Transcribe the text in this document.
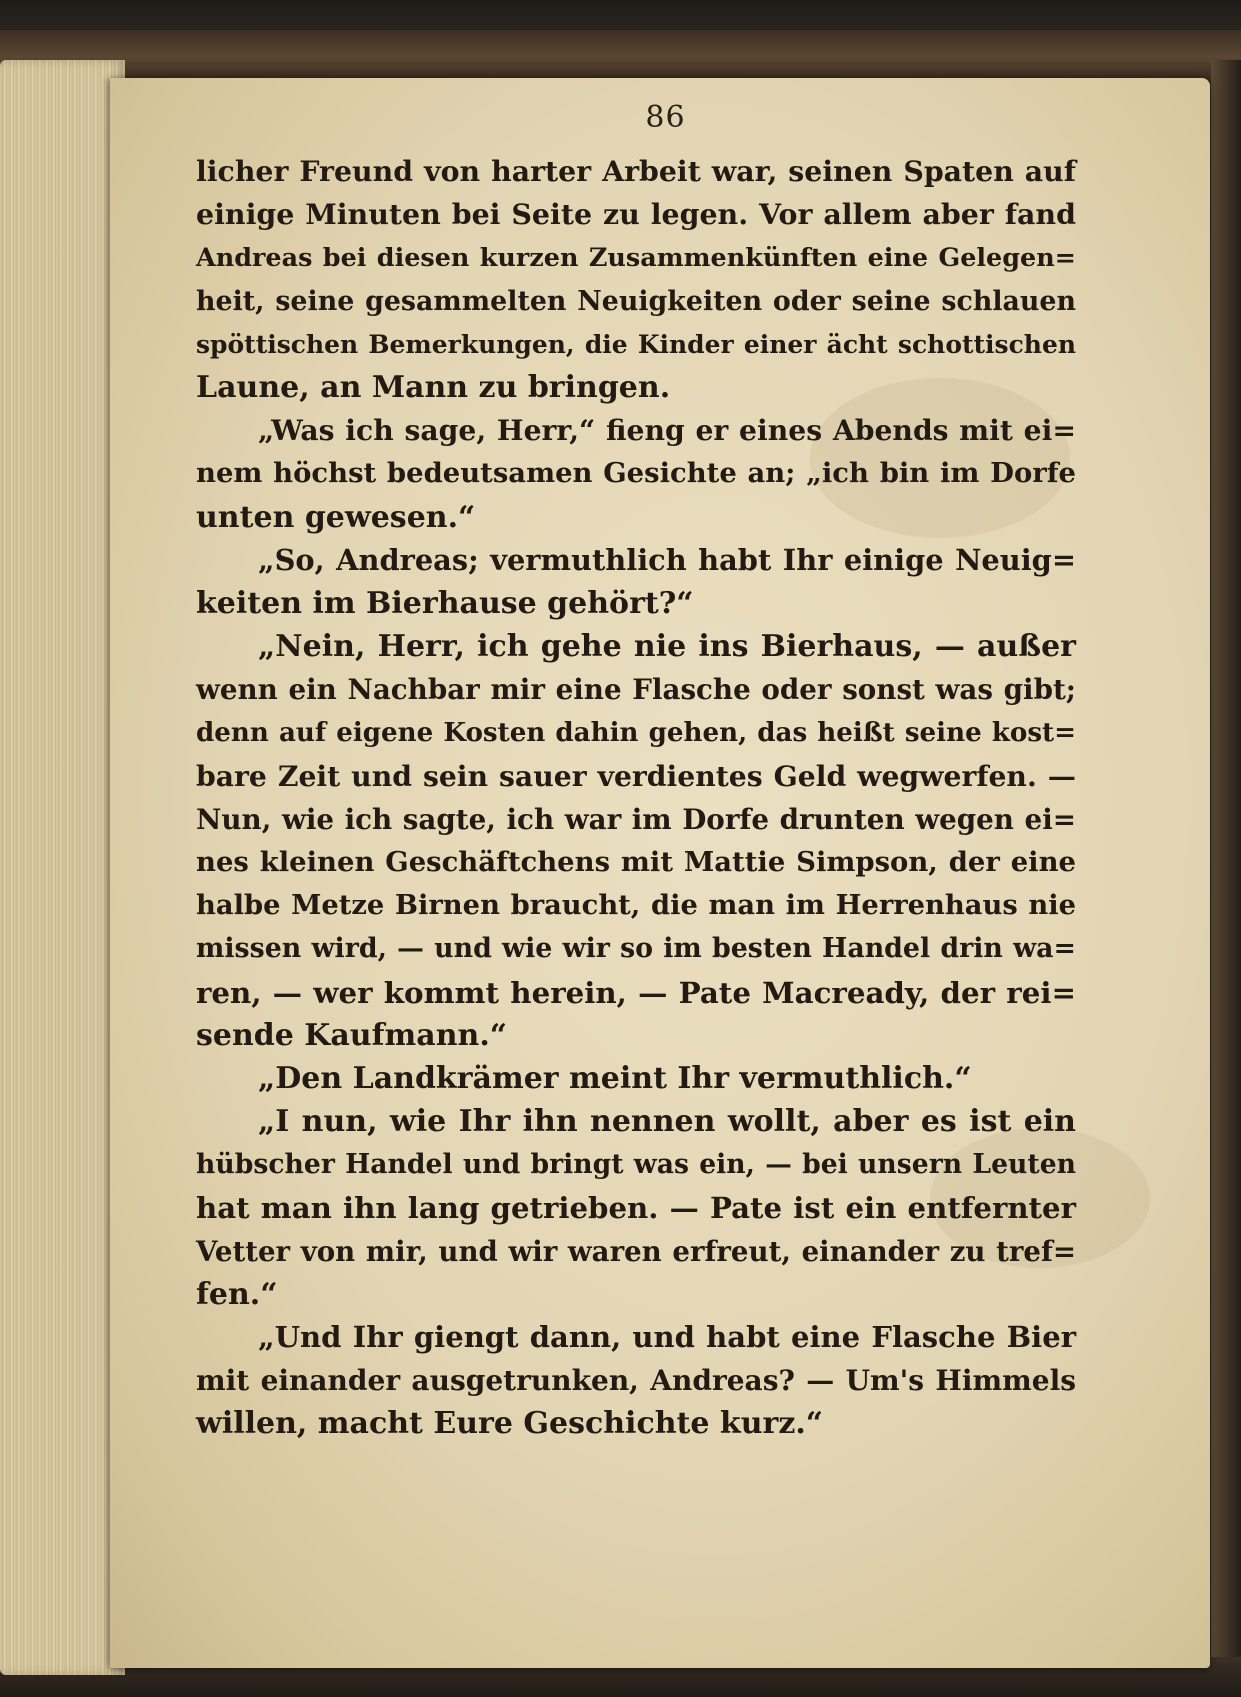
86
licher Freund von harter Arbeit war, seinen Spaten auf
einige Minuten bei Seite zu legen. Vor allem aber fand
Andreas bei diesen kurzen Zusammenkünften eine Gelegen=
heit, seine gesammelten Neuigkeiten oder seine schlauen
spöttischen Bemerkungen, die Kinder einer ächt schottischen
Laune, an Mann zu bringen.
„Was ich sage, Herr,“ fieng er eines Abends mit ei=
nem höchst bedeutsamen Gesichte an; „ich bin im Dorfe
unten gewesen.“
„So, Andreas; vermuthlich habt Ihr einige Neuig=
keiten im Bierhause gehört?“
„Nein, Herr, ich gehe nie ins Bierhaus, — außer
wenn ein Nachbar mir eine Flasche oder sonst was gibt;
denn auf eigene Kosten dahin gehen, das heißt seine kost=
bare Zeit und sein sauer verdientes Geld wegwerfen. —
Nun, wie ich sagte, ich war im Dorfe drunten wegen ei=
nes kleinen Geschäftchens mit Mattie Simpson, der eine
halbe Metze Birnen braucht, die man im Herrenhaus nie
missen wird, — und wie wir so im besten Handel drin wa=
ren, — wer kommt herein, — Pate Macready, der rei=
sende Kaufmann.“
„Den Landkrämer meint Ihr vermuthlich.“
„I nun, wie Ihr ihn nennen wollt, aber es ist ein
hübscher Handel und bringt was ein, — bei unsern Leuten
hat man ihn lang getrieben. — Pate ist ein entfernter
Vetter von mir, und wir waren erfreut, einander zu tref=
fen.“
„Und Ihr giengt dann, und habt eine Flasche Bier
mit einander ausgetrunken, Andreas? — Um's Himmels
willen, macht Eure Geschichte kurz.“
